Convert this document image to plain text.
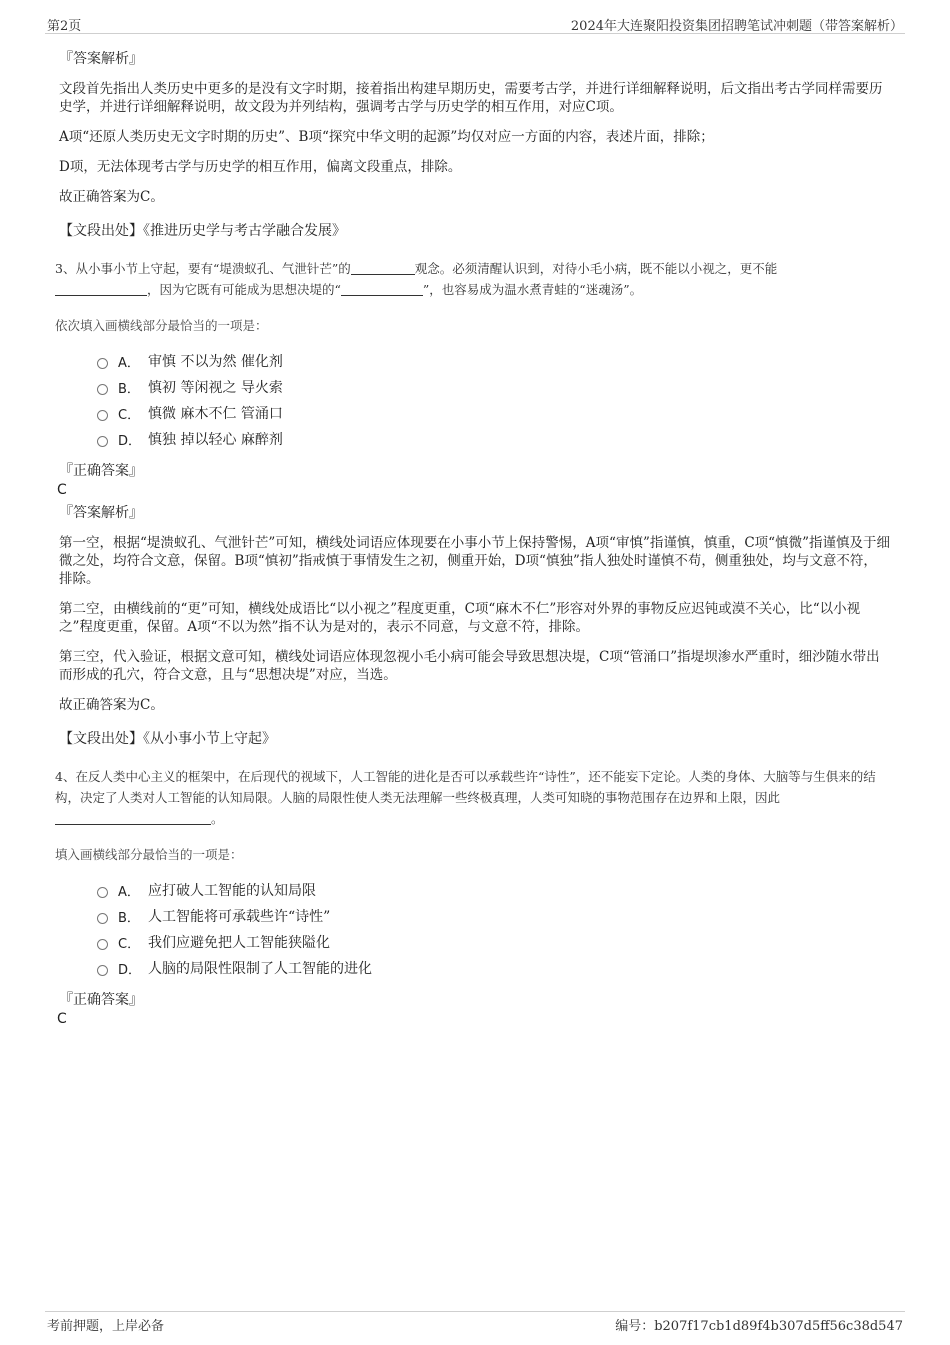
第2页	2024年大连聚阳投资集团招聘笔试冲刺题（带答案解析）
『答案解析』
文段首先指出人类历史中更多的是没有文字时期，接着指出构建早期历史，需要考古学，并进行详细解释说明，后文指出考古学同样需要历史学，并进行详细解释说明，故文段为并列结构，强调考古学与历史学的相互作用，对应C项。
A项“还原人类历史无文字时期的历史”、B项“探究中华文明的起源”均仅对应一方面的内容，表述片面，排除；
D项，无法体现考古学与历史学的相互作用，偏离文段重点，排除。
故正确答案为C。
【文段出处】《推进历史学与考古学融合发展》
3、从小事小节上守起，要有“堤溃蚁孔、气泄针芒”的	观念。必须清醒认识到，对待小毛小病，既不能以小视之，更不能
，因为它既有可能成为思想决堤的“	”，也容易成为温水煮青蛙的“迷魂汤”。
依次填入画横线部分最恰当的一项是：
A． 审慎 不以为然 催化剂
B． 慎初 等闲视之 导火索
C． 慎微 麻木不仁 管涌口
D． 慎独 掉以轻心 麻醉剂
『正确答案』
C
『答案解析』
第一空，根据“堤溃蚁孔、气泄针芒”可知，横线处词语应体现要在小事小节上保持警惕，A项“审慎”指谨慎，慎重，C项“慎微”指谨慎及于细微之处，均符合文意，保留。B项“慎初”指戒慎于事情发生之初，侧重开始，D项“慎独”指人独处时谨慎不苟，侧重独处，均与文意不符，排除。
第二空，由横线前的“更”可知，横线处成语比“以小视之”程度更重，C项“麻木不仁”形容对外界的事物反应迟钝或漠不关心，比“以小视之”程度更重，保留。A项“不以为然”指不认为是对的，表示不同意，与文意不符，排除。
第三空，代入验证，根据文意可知，横线处词语应体现忽视小毛小病可能会导致思想决堤，C项“管涌口”指堤坝渗水严重时，细沙随水带出而形成的孔穴，符合文意，且与“思想决堤”对应，当选。
故正确答案为C。
【文段出处】《从小事小节上守起》
4、在反人类中心主义的框架中，在后现代的视域下，人工智能的进化是否可以承载些许“诗性”，还不能妄下定论。人类的身体、大脑等与生俱来的结构，决定了人类对人工智能的认知局限。人脑的局限性使人类无法理解一些终极真理，人类可知晓的事物范围存在边界和上限，因此
。
填入画横线部分最恰当的一项是：
A． 应打破人工智能的认知局限
B． 人工智能将可承载些许“诗性”
C． 我们应避免把人工智能狭隘化
D． 人脑的局限性限制了人工智能的进化
『正确答案』
C
考前押题，上岸必备	编号：b207f17cb1d89f4b307d5ff56c38d547
